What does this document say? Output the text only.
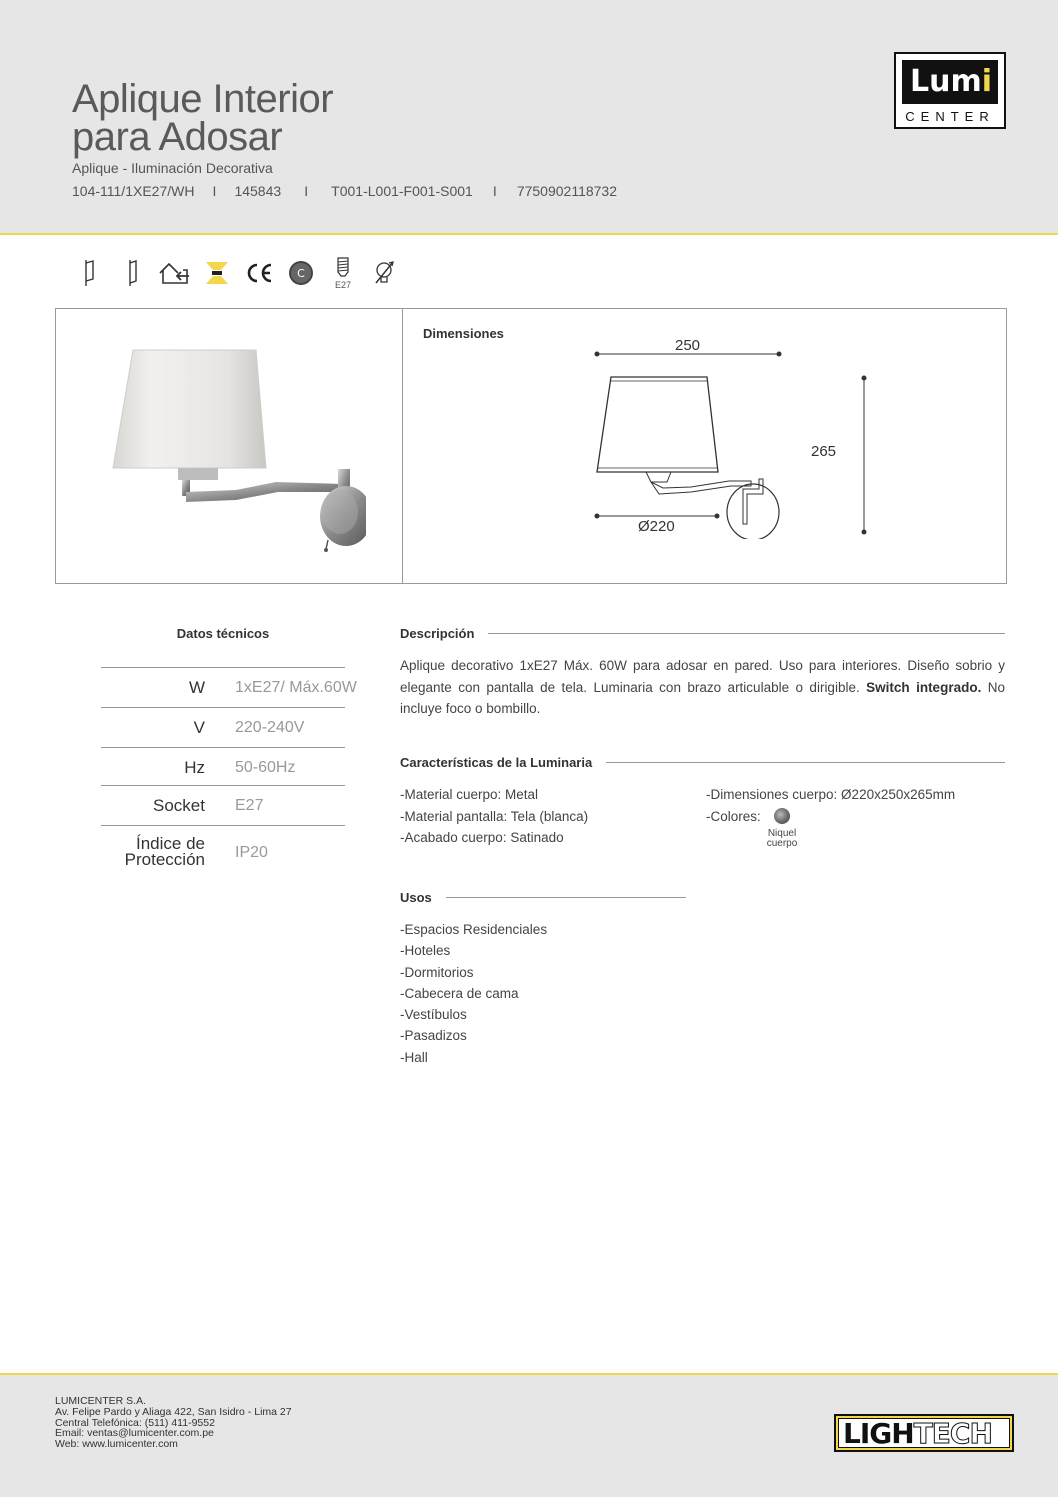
Aplique Interior
para Adosar
Aplique - Iluminación Decorativa
104-111/1XE27/WH	I	145843	I	T001-L001-F001-S001	I	7750902118732
Lumi
CENTER
C
E27
Dimensiones
250
265
Ø220
Datos técnicos
W 1xE27/ Máx.60W
V 220-240V
Hz 50-60Hz
Socket E27
Índice de
Protección IP20
Descripción
Aplique decorativo 1xE27 Máx. 60W para adosar en pared. Uso para interiores. Diseño sobrio y elegante con pantalla de tela. Luminaria con brazo articulable o dirigible. Switch integrado. No incluye foco o bombillo.
Características de la Luminaria
-Material cuerpo: Metal
-Material pantalla: Tela (blanca)
-Acabado cuerpo: Satinado
-Dimensiones cuerpo: Ø220x250x265mm
-Colores:
Niquel
cuerpo
Usos
-Espacios Residenciales
-Hoteles
-Dormitorios
-Cabecera de cama
-Vestíbulos
-Pasadizos
-Hall
LUMICENTER S.A.
Av. Felipe Pardo y Aliaga 422, San Isidro - Lima 27
Central Telefónica: (511) 411-9552
Email: ventas@lumicenter.com.pe
Web: www.lumicenter.com	LIGHTECH
